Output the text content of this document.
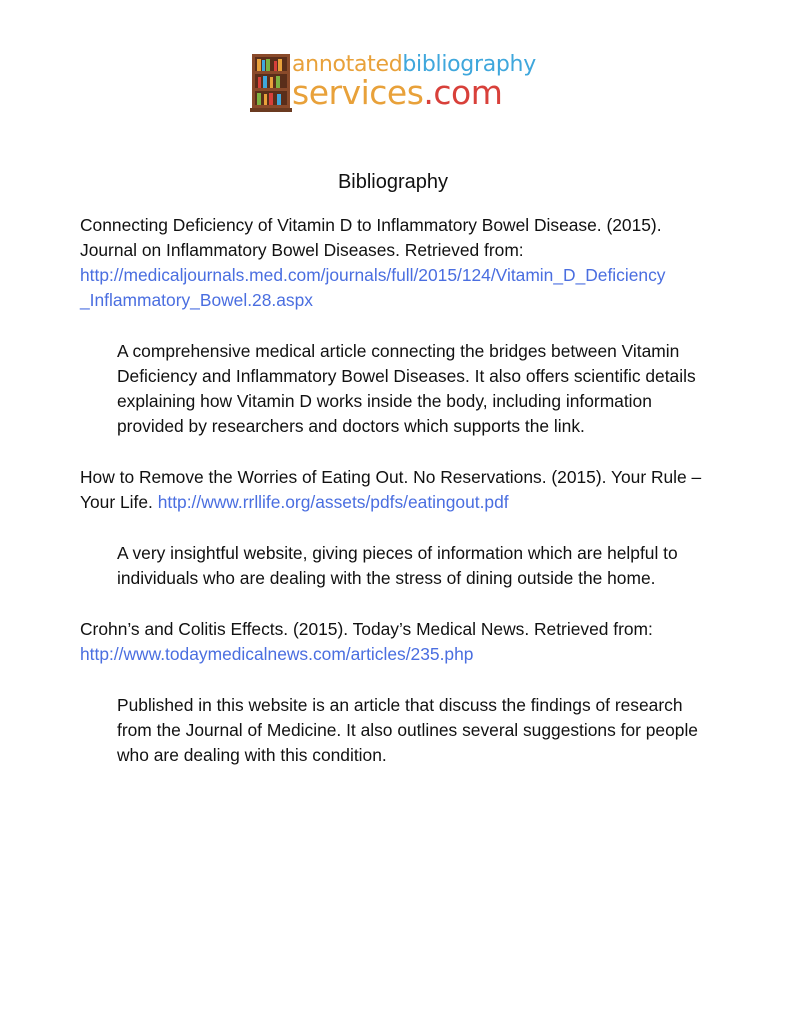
annotatedbibliography
services.com
Bibliography

Connecting Deficiency of Vitamin D to Inflammatory Bowel Disease. (2015). Journal on Inflammatory Bowel Diseases. Retrieved from:
http://medicaljournals.med.com/journals/full/2015/124/Vitamin_D_Deficiency
_Inflammatory_Bowel.28.aspx

A comprehensive medical article connecting the bridges between Vitamin Deficiency and Inflammatory Bowel Diseases. It also offers scientific details explaining how Vitamin D works inside the body, including information provided by researchers and doctors which supports the link.

How to Remove the Worries of Eating Out. No Reservations. (2015). Your Rule – Your Life. http://www.rrllife.org/assets/pdfs/eatingout.pdf

A very insightful website, giving pieces of information which are helpful to individuals who are dealing with the stress of dining outside the home.

Crohn’s and Colitis Effects. (2015). Today’s Medical News. Retrieved from:
http://www.todaymedicalnews.com/articles/235.php

Published in this website is an article that discuss the findings of research from the Journal of Medicine. It also outlines several suggestions for people who are dealing with this condition.
